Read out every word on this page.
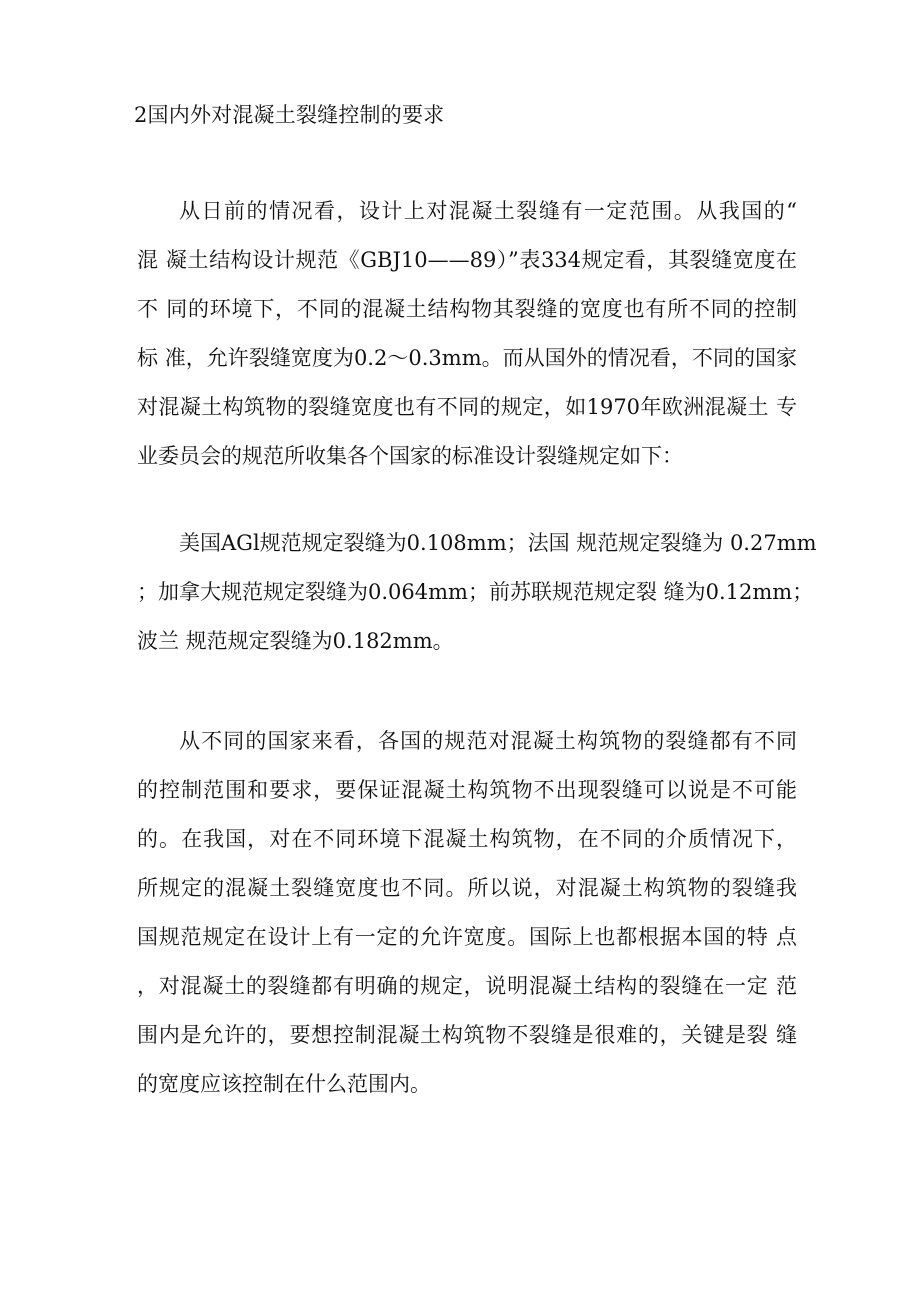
2国内外对混凝土裂缝控制的要求
从日前的情况看，设计上对混凝土裂缝有一定范围。从我国的“
混 凝土结构设计规范《GBJ10——89）”表334规定看，其裂缝宽度在
不 同的环境下，不同的混凝土结构物其裂缝的宽度也有所不同的控制
标 准，允许裂缝宽度为0.2〜0.3mm。而从国外的情况看，不同的国家
对混凝土构筑物的裂缝宽度也有不同的规定，如1970年欧洲混凝土 专
业委员会的规范所收集各个国家的标准设计裂缝规定如下：
美国AGl规范规定裂缝为0.108mm；法国 规范规定裂缝为 0.27mm
；加拿大规范规定裂缝为0.064mm；前苏联规范规定裂 缝为0.12mm；
波兰 规范规定裂缝为0.182mm。
从不同的国家来看，各国的规范对混凝土构筑物的裂缝都有不同
的控制范围和要求，要保证混凝土构筑物不出现裂缝可以说是不可能
的。在我国，对在不同环境下混凝土构筑物，在不同的介质情况下，
所规定的混凝土裂缝宽度也不同。所以说，对混凝土构筑物的裂缝我
国规范规定在设计上有一定的允许宽度。国际上也都根据本国的特 点
，对混凝土的裂缝都有明确的规定，说明混凝土结构的裂缝在一定 范
围内是允许的，要想控制混凝土构筑物不裂缝是很难的，关键是裂 缝
的宽度应该控制在什么范围内。
